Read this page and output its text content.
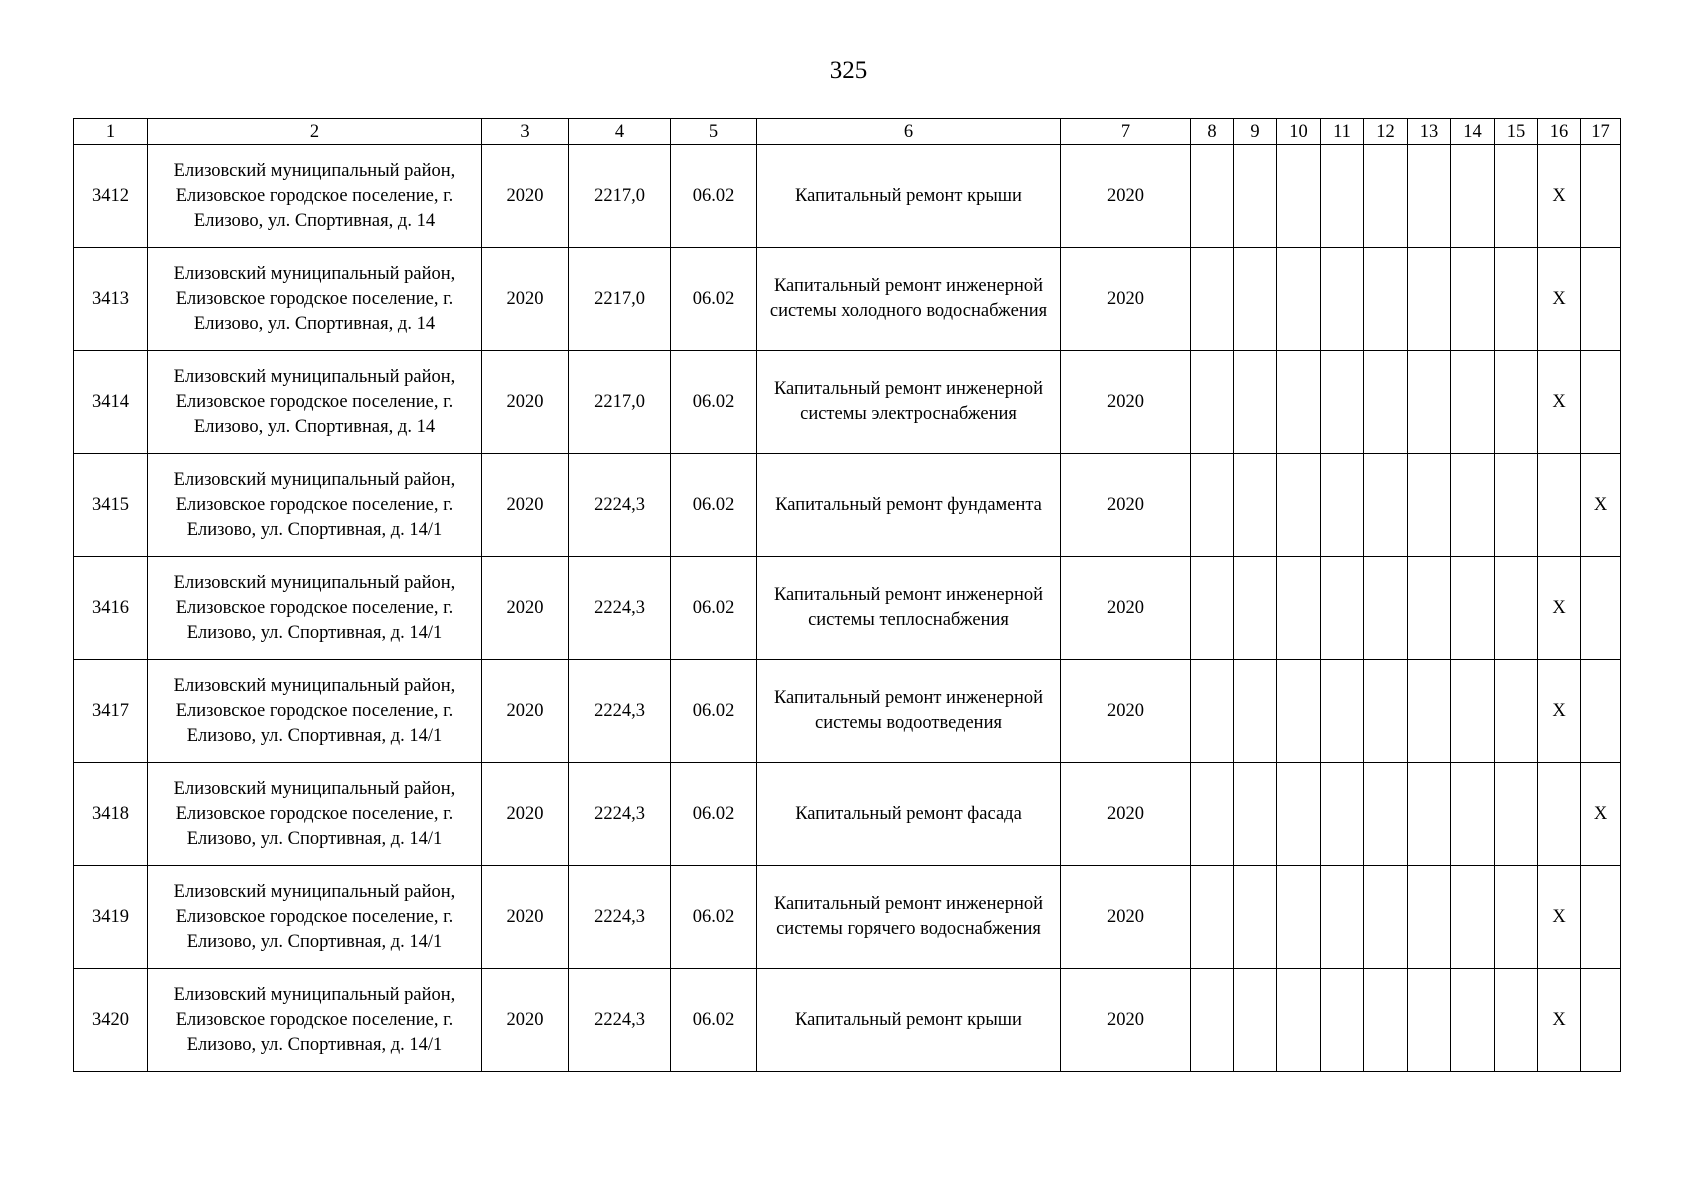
325
1	2	3	4	5	6	7	8	9	10	11	12	13	14	15	16	17
3412	Елизовский муниципальный район, Елизовское городское поселение, г. Елизово, ул. Спортивная, д. 14	2020	2217,0	06.02	Капитальный ремонт крыши	2020									X	
3413	Елизовский муниципальный район, Елизовское городское поселение, г. Елизово, ул. Спортивная, д. 14	2020	2217,0	06.02	Капитальный ремонт инженерной системы холодного водоснабжения	2020									X	
3414	Елизовский муниципальный район, Елизовское городское поселение, г. Елизово, ул. Спортивная, д. 14	2020	2217,0	06.02	Капитальный ремонт инженерной системы электроснабжения	2020									X	
3415	Елизовский муниципальный район, Елизовское городское поселение, г. Елизово, ул. Спортивная, д. 14/1	2020	2224,3	06.02	Капитальный ремонт фундамента	2020										X
3416	Елизовский муниципальный район, Елизовское городское поселение, г. Елизово, ул. Спортивная, д. 14/1	2020	2224,3	06.02	Капитальный ремонт инженерной системы теплоснабжения	2020									X	
3417	Елизовский муниципальный район, Елизовское городское поселение, г. Елизово, ул. Спортивная, д. 14/1	2020	2224,3	06.02	Капитальный ремонт инженерной системы водоотведения	2020									X	
3418	Елизовский муниципальный район, Елизовское городское поселение, г. Елизово, ул. Спортивная, д. 14/1	2020	2224,3	06.02	Капитальный ремонт фасада	2020										X
3419	Елизовский муниципальный район, Елизовское городское поселение, г. Елизово, ул. Спортивная, д. 14/1	2020	2224,3	06.02	Капитальный ремонт инженерной системы горячего водоснабжения	2020									X	
3420	Елизовский муниципальный район, Елизовское городское поселение, г. Елизово, ул. Спортивная, д. 14/1	2020	2224,3	06.02	Капитальный ремонт крыши	2020									X	
